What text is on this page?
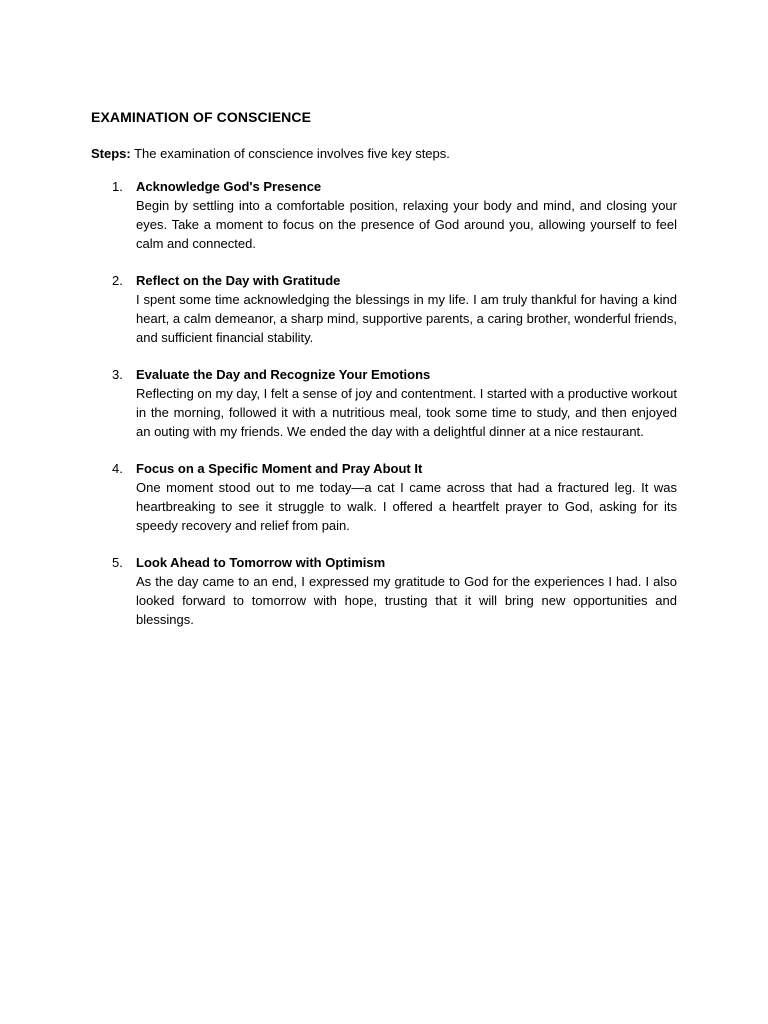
EXAMINATION OF CONSCIENCE

Steps: The examination of conscience involves five key steps.

1. Acknowledge God's Presence
Begin by settling into a comfortable position, relaxing your body and mind, and closing your eyes. Take a moment to focus on the presence of God around you, allowing yourself to feel calm and connected.
2. Reflect on the Day with Gratitude
I spent some time acknowledging the blessings in my life. I am truly thankful for having a kind heart, a calm demeanor, a sharp mind, supportive parents, a caring brother, wonderful friends, and sufficient financial stability.
3. Evaluate the Day and Recognize Your Emotions
Reflecting on my day, I felt a sense of joy and contentment. I started with a productive workout in the morning, followed it with a nutritious meal, took some time to study, and then enjoyed an outing with my friends. We ended the day with a delightful dinner at a nice restaurant.
4. Focus on a Specific Moment and Pray About It
One moment stood out to me today—a cat I came across that had a fractured leg. It was heartbreaking to see it struggle to walk. I offered a heartfelt prayer to God, asking for its speedy recovery and relief from pain.
5. Look Ahead to Tomorrow with Optimism
As the day came to an end, I expressed my gratitude to God for the experiences I had. I also looked forward to tomorrow with hope, trusting that it will bring new opportunities and blessings.
